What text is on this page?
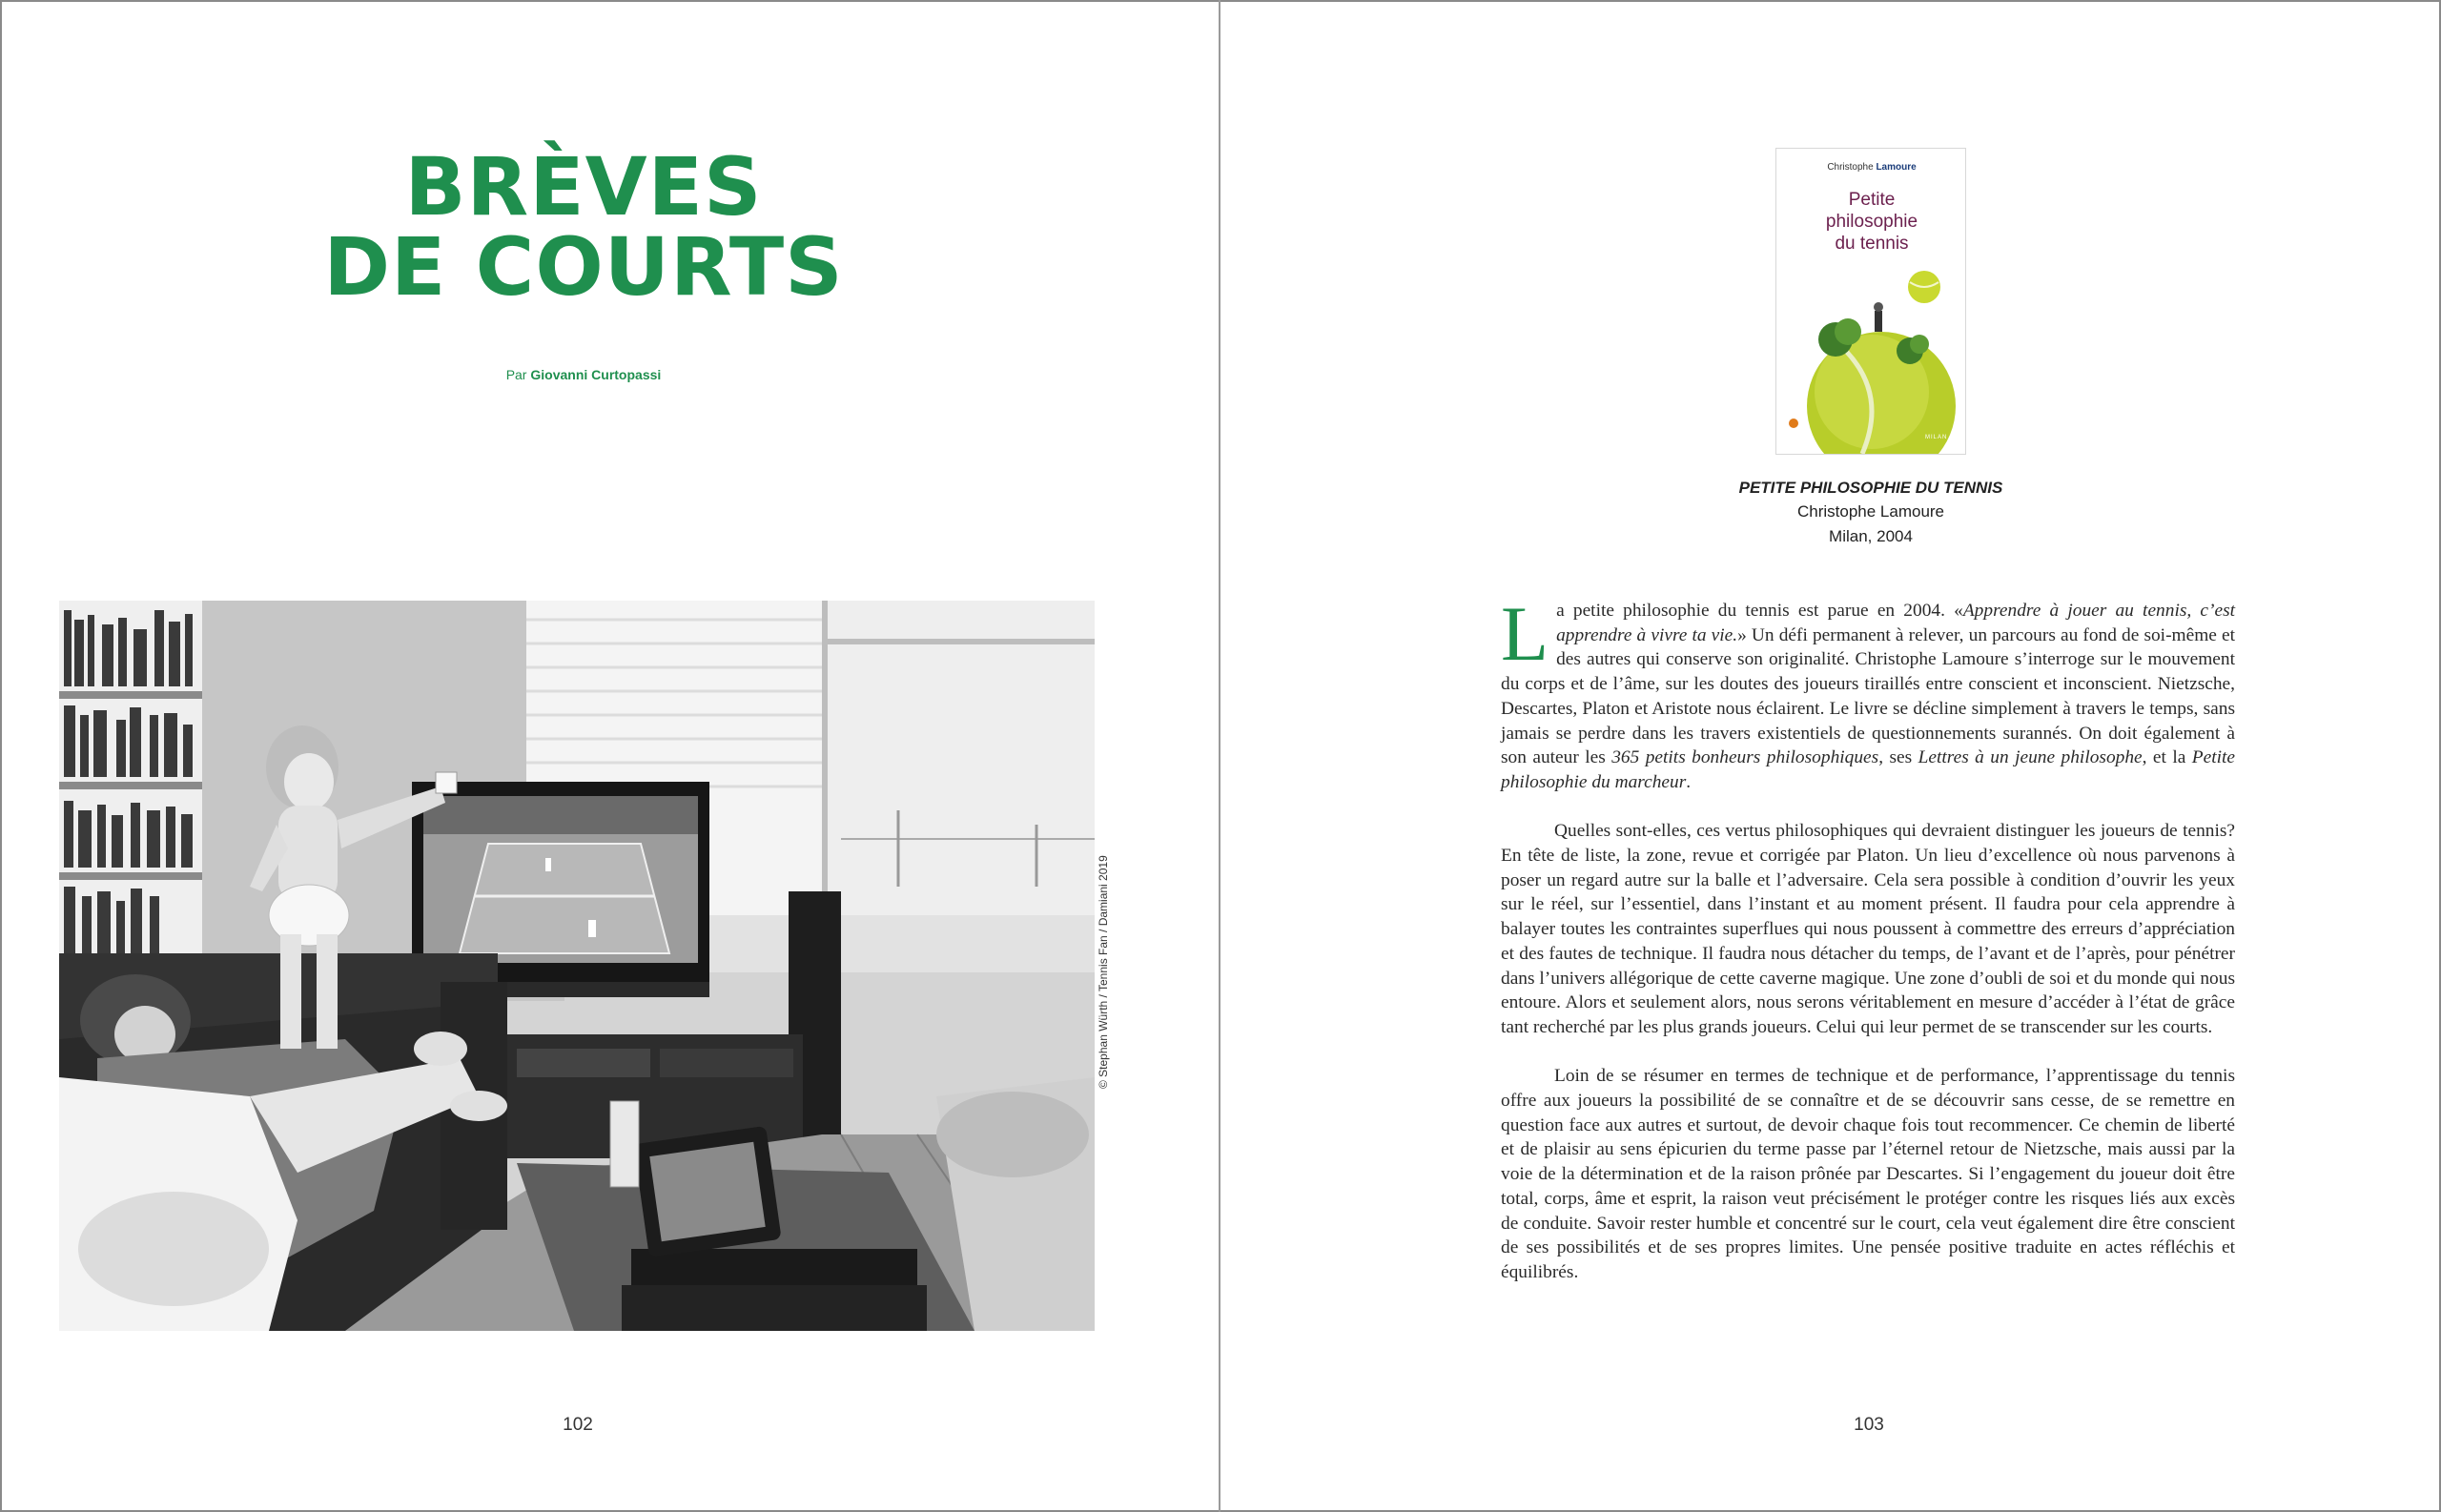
BRÈVES
DE COURTS
Par Giovanni Curtopassi
© Stephan Würth / Tennis Fan / Damiani 2019
102
Christophe Lamoure
Petite
philosophie
du tennis
MILAN
PETITE PHILOSOPHIE DU TENNIS
Christophe Lamoure
Milan, 2004

La petite philosophie du tennis est parue en 2004. «Apprendre à jouer au tennis, c’est apprendre à vivre ta vie.» Un défi permanent à relever, un parcours au fond de soi-même et des autres qui conserve son originalité. Christophe Lamoure s’interroge sur le mouvement du corps et de l’âme, sur les doutes des joueurs tiraillés entre conscient et inconscient. Nietzsche, Descartes, Platon et Aristote nous éclairent. Le livre se décline simplement à travers le temps, sans jamais se perdre dans les travers existentiels de questionnements surannés. On doit également à son auteur les 365 petits bonheurs philosophiques, ses Lettres à un jeune philosophe, et la Petite philosophie du marcheur.

Quelles sont-elles, ces vertus philosophiques qui devraient distinguer les joueurs de tennis? En tête de liste, la zone, revue et corrigée par Platon. Un lieu d’excellence où nous parvenons à poser un regard autre sur la balle et l’adversaire. Cela sera possible à condition d’ouvrir les yeux sur le réel, sur l’essentiel, dans l’instant et au moment présent. Il faudra pour cela apprendre à balayer toutes les contraintes superflues qui nous poussent à commettre des erreurs d’appréciation et des fautes de technique. Il faudra nous détacher du temps, de l’avant et de l’après, pour pénétrer dans l’univers allégorique de cette caverne magique. Une zone d’oubli de soi et du monde qui nous entoure. Alors et seulement alors, nous serons véritablement en mesure d’accéder à l’état de grâce tant recherché par les plus grands joueurs. Celui qui leur permet de se transcender sur les courts.

Loin de se résumer en termes de technique et de performance, l’apprentissage du tennis offre aux joueurs la possibilité de se connaître et de se découvrir sans cesse, de se remettre en question face aux autres et surtout, de devoir chaque fois tout recommencer. Ce chemin de liberté et de plaisir au sens épicurien du terme passe par l’éternel retour de Nietzsche, mais aussi par la voie de la détermination et de la raison prônée par Descartes. Si l’engagement du joueur doit être total, corps, âme et esprit, la raison veut précisément le protéger contre les risques liés aux excès de conduite. Savoir rester humble et concentré sur le court, cela veut également dire être conscient de ses possibilités et de ses propres limites. Une pensée positive traduite en actes réfléchis et équilibrés.

103
